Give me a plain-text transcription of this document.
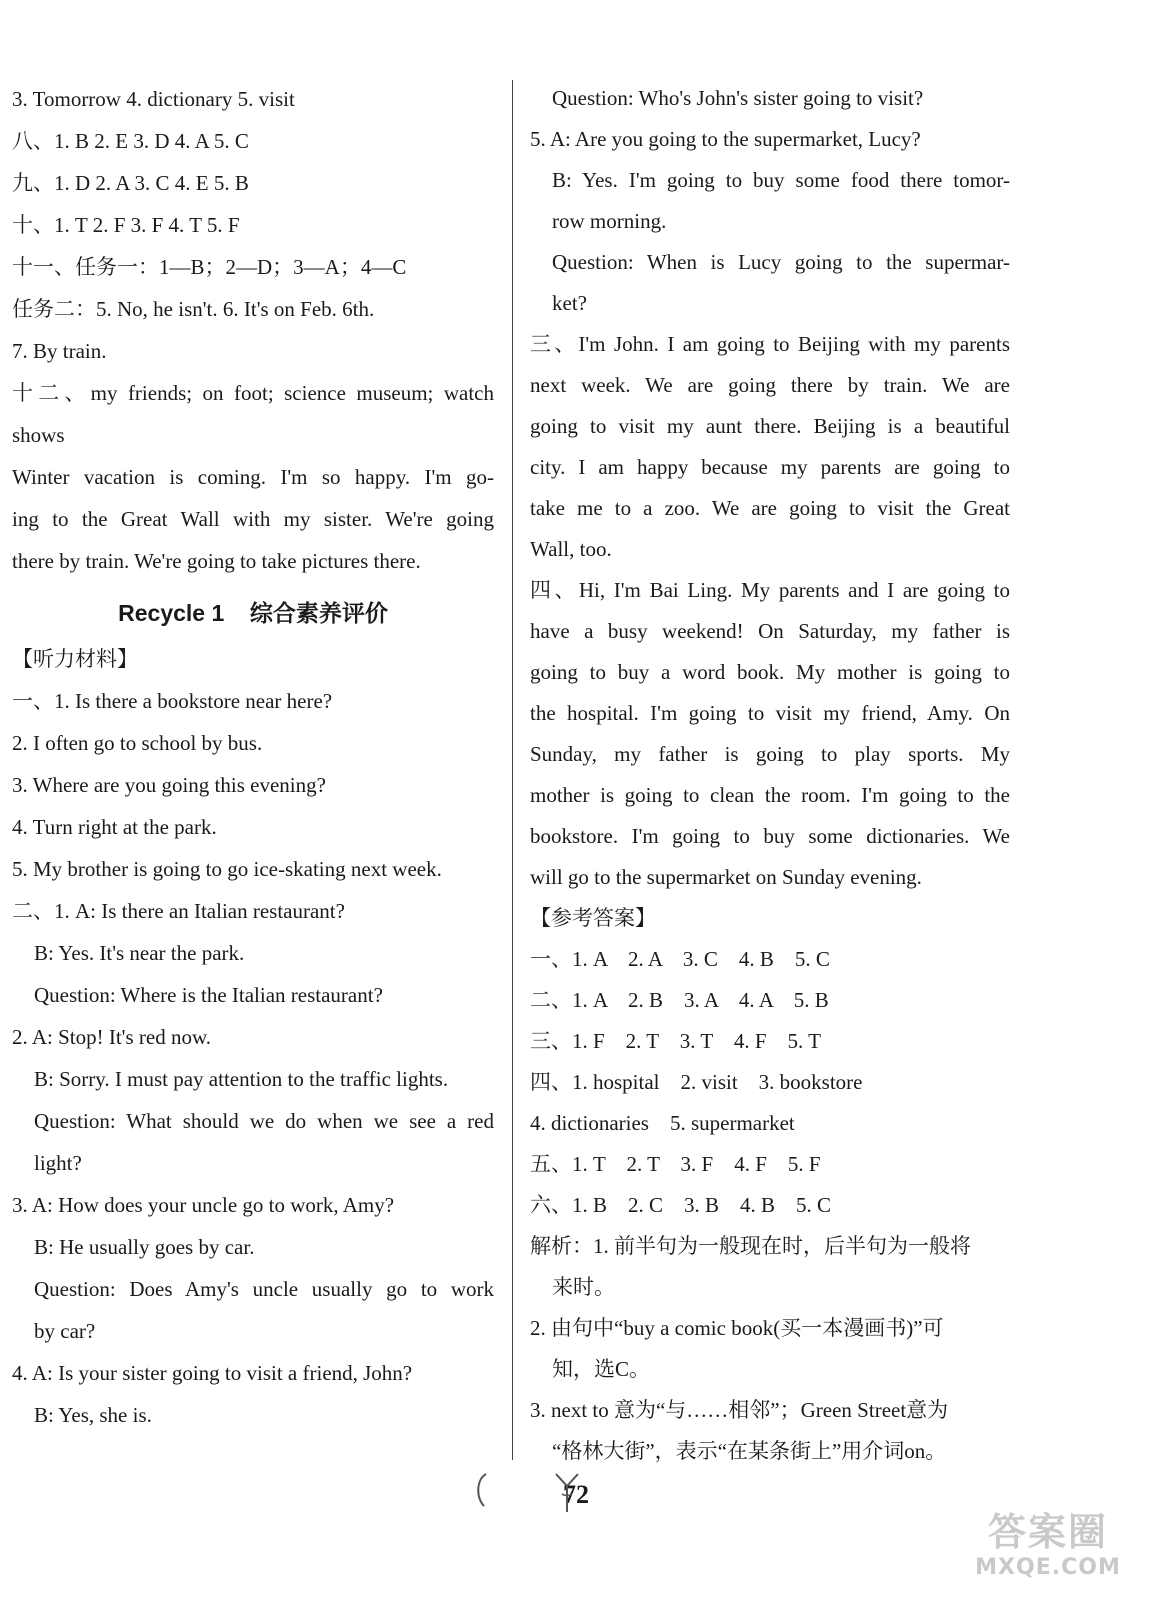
3. Tomorrow 4. dictionary 5. visit
八、1. B 2. E 3. D 4. A 5. C
九、1. D 2. A 3. C 4. E 5. B
十、1. T 2. F 3. F 4. T 5. F
十一、任务一：1—B；2—D；3—A；4—C
任务二：5. No, he isn't. 6. It's on Feb. 6th.
7. By train.
十二、my friends; on foot; science museum; watch
shows
Winter vacation is coming. I'm so happy. I'm go-
ing to the Great Wall with my sister. We're going
there by train. We're going to take pictures there.
Recycle 1    综合素养评价
【听力材料】
一、1. Is there a bookstore near here?
2. I often go to school by bus.
3. Where are you going this evening?
4. Turn right at the park.
5. My brother is going to go ice-skating next week.
二、1. A: Is there an Italian restaurant?
B: Yes. It's near the park.
Question: Where is the Italian restaurant?
2. A: Stop! It's red now.
B: Sorry. I must pay attention to the traffic lights.
Question: What should we do when we see a red
light?
3. A: How does your uncle go to work, Amy?
B: He usually goes by car.
Question: Does Amy's uncle usually go to work
by car?
4. A: Is your sister going to visit a friend, John?
B: Yes, she is.
Question: Who's John's sister going to visit?
5. A: Are you going to the supermarket, Lucy?
B: Yes. I'm going to buy some food there tomor-
row morning.
Question: When is Lucy going to the supermar-
ket?
三、I'm John. I am going to Beijing with my parents
next week. We are going there by train. We are
going to visit my aunt there. Beijing is a beautiful
city. I am happy because my parents are going to
take me to a zoo. We are going to visit the Great
Wall, too.
四、Hi, I'm Bai Ling. My parents and I are going to
have a busy weekend! On Saturday, my father is
going to buy a word book. My mother is going to
the hospital. I'm going to visit my friend, Amy. On
Sunday, my father is going to play sports. My
mother is going to clean the room. I'm going to the
bookstore. I'm going to buy some dictionaries. We
will go to the supermarket on Sunday evening.
【参考答案】
一、1. A    2. A    3. C    4. B    5. C
二、1. A    2. B    3. A    4. A    5. B
三、1. F    2. T    3. T    4. F    5. T
四、1. hospital    2. visit    3. bookstore
4. dictionaries    5. supermarket
五、1. T    2. T    3. F    4. F    5. F
六、1. B    2. C    3. B    4. B    5. C
解析：1. 前半句为一般现在时，后半句为一般将
来时。
2. 由句中“buy a comic book(买一本漫画书)”可
知，选C。
3. next to 意为“与……相邻”；Green Street意为
“格林大街”，表示“在某条街上”用介词on。
72
答案圈
MXQE.COM
